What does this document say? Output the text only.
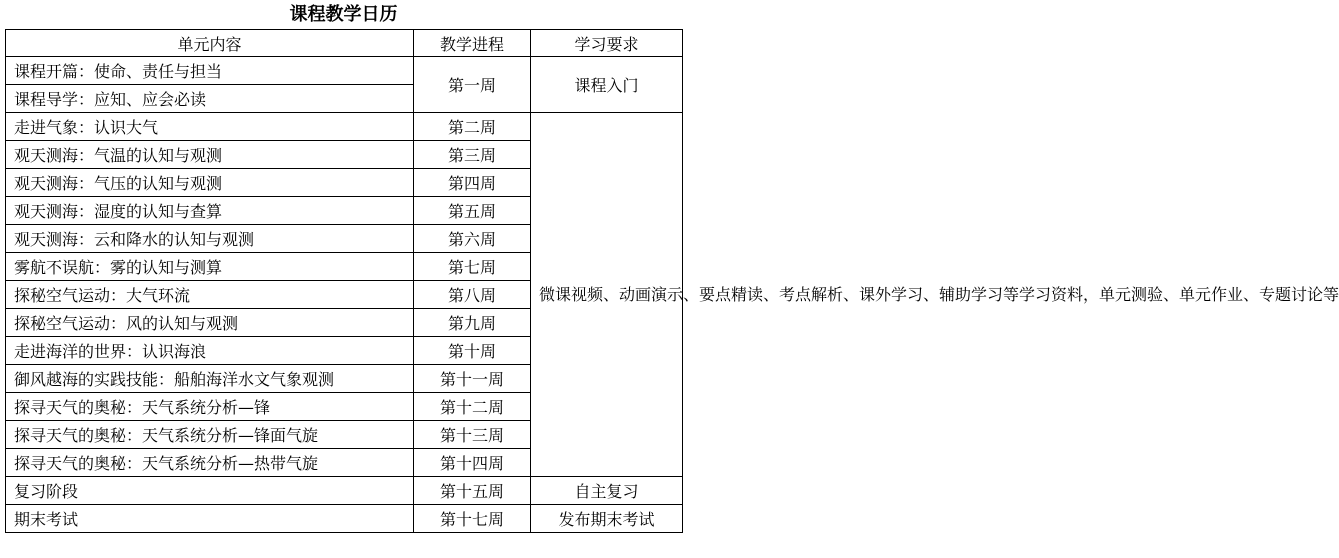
课程教学日历
单元内容	教学进程	学习要求
课程开篇：使命、责任与担当	第一周	课程入门
课程导学：应知、应会必读		
走进气象：认识大气	第二周	微课视频、动画演示、要点精读、考点解析、课外学习、辅助学习等学习资料，单元测验、单元作业、专题讨论等
观天测海：气温的认知与观测	第三周	
观天测海：气压的认知与观测	第四周	
观天测海：湿度的认知与查算	第五周	
观天测海：云和降水的认知与观测	第六周	
雾航不误航：雾的认知与测算	第七周	
探秘空气运动：大气环流	第八周	
探秘空气运动：风的认知与观测	第九周	
走进海洋的世界：认识海浪	第十周	
御风越海的实践技能：船舶海洋水文气象观测	第十一周	
探寻天气的奥秘：天气系统分析—锋	第十二周	
探寻天气的奥秘：天气系统分析—锋面气旋	第十三周	
探寻天气的奥秘：天气系统分析—热带气旋	第十四周	
复习阶段	第十五周	自主复习
期末考试	第十七周	发布期末考试
